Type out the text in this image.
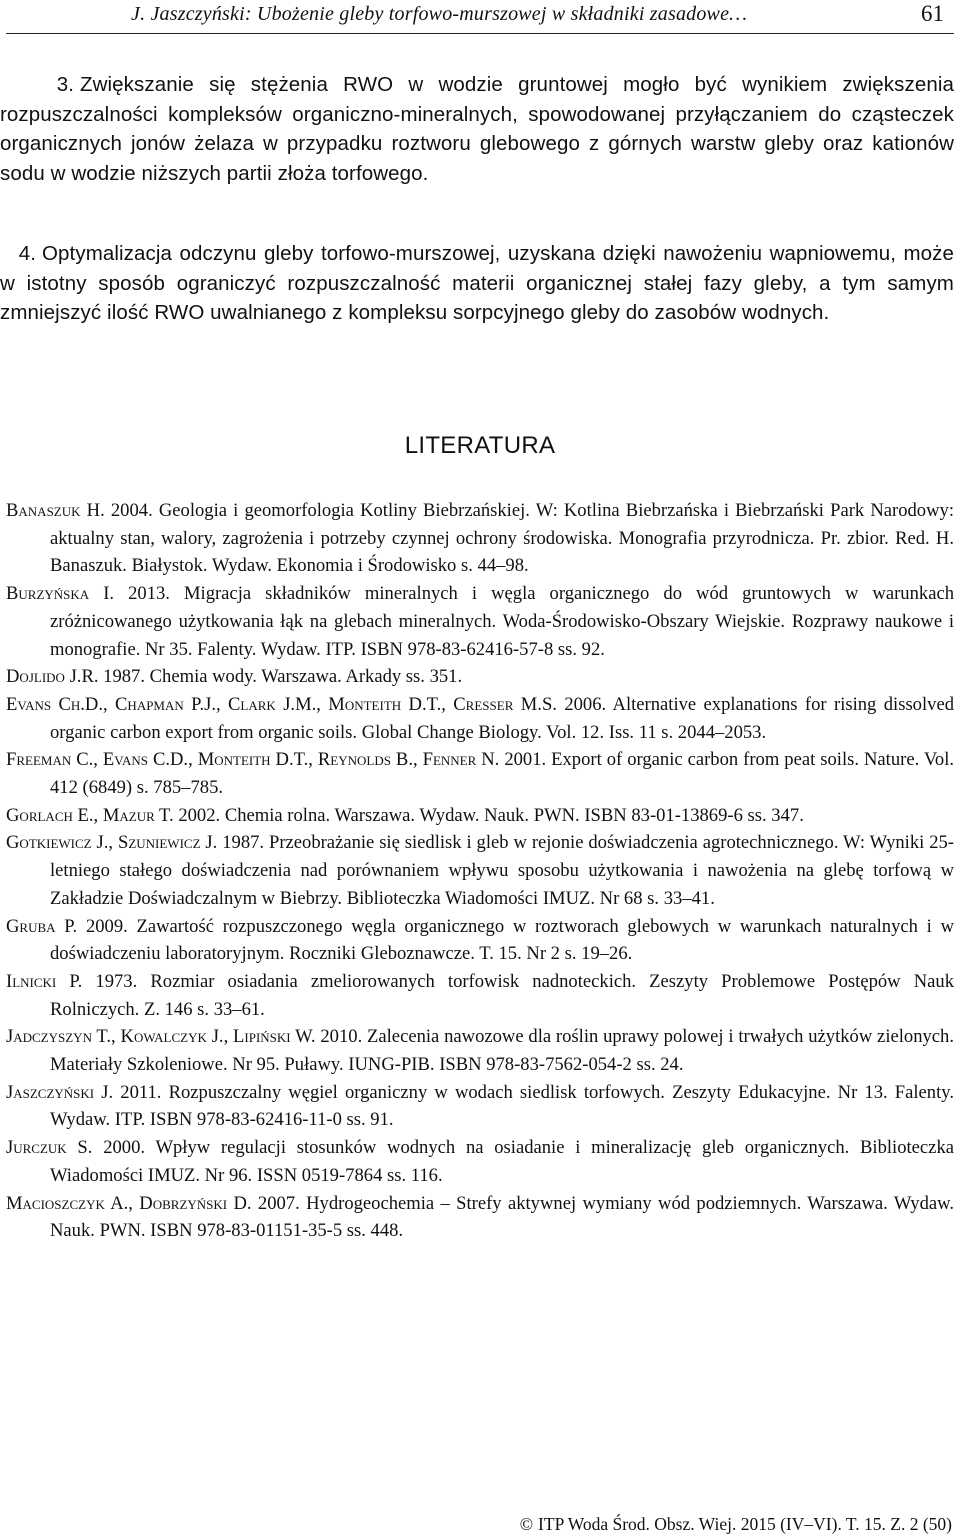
J. Jaszczyński: Ubożenie gleby torfowo-murszowej w składniki zasadowe…	61

3. Zwiększanie się stężenia RWO w wodzie gruntowej mogło być wynikiem zwiększenia rozpuszczalności kompleksów organiczno-mineralnych, spowodowanej przyłączaniem do cząsteczek organicznych jonów żelaza w przypadku roztworu glebowego z górnych warstw gleby oraz kationów sodu w wodzie niższych partii złoża torfowego.

4. Optymalizacja odczynu gleby torfowo-murszowej, uzyskana dzięki nawożeniu wapniowemu, może w istotny sposób ograniczyć rozpuszczalność materii organicznej stałej fazy gleby, a tym samym zmniejszyć ilość RWO uwalnianego z kompleksu sorpcyjnego gleby do zasobów wodnych.

LITERATURA

Banaszuk H. 2004. Geologia i geomorfologia Kotliny Biebrzańskiej. W: Kotlina Biebrzańska i Biebrzański Park Narodowy: aktualny stan, walory, zagrożenia i potrzeby czynnej ochrony środowiska. Monografia przyrodnicza. Pr. zbior. Red. H. Banaszuk. Białystok. Wydaw. Ekonomia i Środowisko s. 44–98.

Burzyńska I. 2013. Migracja składników mineralnych i węgla organicznego do wód gruntowych w warunkach zróżnicowanego użytkowania łąk na glebach mineralnych. Woda-Środowisko-Obszary Wiejskie. Rozprawy naukowe i monografie. Nr 35. Falenty. Wydaw. ITP. ISBN 978-83-62416-57-8 ss. 92.

Dojlido J.R. 1987. Chemia wody. Warszawa. Arkady ss. 351.

Evans Ch.D., Chapman P.J., Clark J.M., Monteith D.T., Cresser M.S. 2006. Alternative explanations for rising dissolved organic carbon export from organic soils. Global Change Biology. Vol. 12. Iss. 11 s. 2044–2053.

Freeman C., Evans C.D., Monteith D.T., Reynolds B., Fenner N. 2001. Export of organic carbon from peat soils. Nature. Vol. 412 (6849) s. 785–785.

Gorlach E., Mazur T. 2002. Chemia rolna. Warszawa. Wydaw. Nauk. PWN. ISBN 83-01-13869-6 ss. 347.

Gotkiewicz J., Szuniewicz J. 1987. Przeobrażanie się siedlisk i gleb w rejonie doświadczenia agrotechnicznego. W: Wyniki 25-letniego stałego doświadczenia nad porównaniem wpływu sposobu użytkowania i nawożenia na glebę torfową w Zakładzie Doświadczalnym w Biebrzy. Biblioteczka Wiadomości IMUZ. Nr 68 s. 33–41.

Gruba P. 2009. Zawartość rozpuszczonego węgla organicznego w roztworach glebowych w warunkach naturalnych i w doświadczeniu laboratoryjnym. Roczniki Gleboznawcze. T. 15. Nr 2 s. 19–26.

Ilnicki P. 1973. Rozmiar osiadania zmeliorowanych torfowisk nadnoteckich. Zeszyty Problemowe Postępów Nauk Rolniczych. Z. 146 s. 33–61.

Jadczyszyn T., Kowalczyk J., Lipiński W. 2010. Zalecenia nawozowe dla roślin uprawy polowej i trwałych użytków zielonych. Materiały Szkoleniowe. Nr 95. Puławy. IUNG-PIB. ISBN 978-83-7562-054-2 ss. 24.

Jaszczyński J. 2011. Rozpuszczalny węgiel organiczny w wodach siedlisk torfowych. Zeszyty Edukacyjne. Nr 13. Falenty. Wydaw. ITP. ISBN 978-83-62416-11-0 ss. 91.

Jurczuk S. 2000. Wpływ regulacji stosunków wodnych na osiadanie i mineralizację gleb organicznych. Biblioteczka Wiadomości IMUZ. Nr 96. ISSN 0519-7864 ss. 116.

Macioszczyk A., Dobrzyński D. 2007. Hydrogeochemia – Strefy aktywnej wymiany wód podziemnych. Warszawa. Wydaw. Nauk. PWN. ISBN 978-83-01151-35-5 ss. 448.

© ITP Woda Środ. Obsz. Wiej. 2015 (IV–VI). T. 15. Z. 2 (50)
